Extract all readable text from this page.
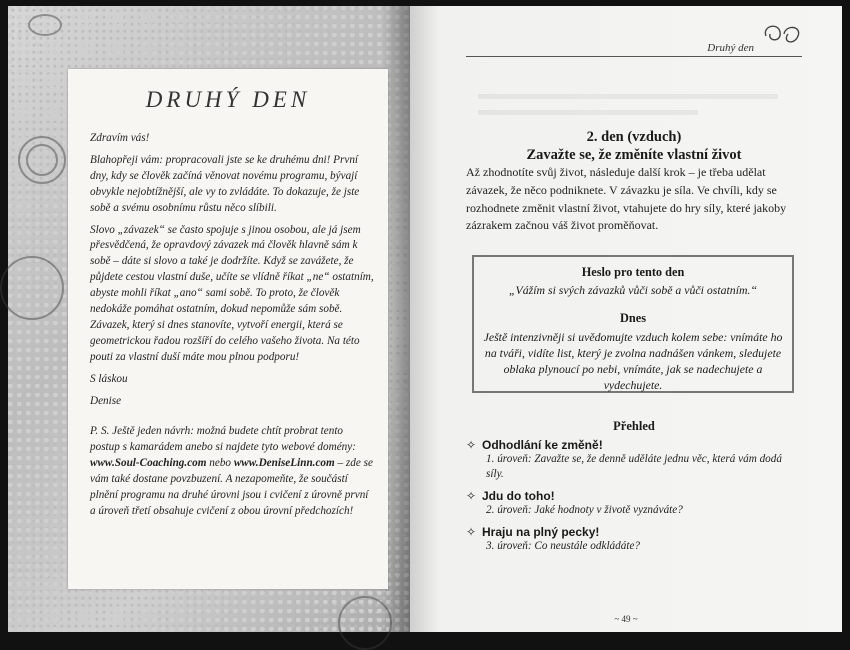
DRUHÝ DEN

Zdravím vás!

Blahopřeji vám: propracovali jste se ke druhému dni! První dny, kdy se člověk začíná věnovat novému programu, bývají obvykle nejobtížnější, ale vy to zvládáte. To dokazuje, že jste sobě a svému osobnímu růstu něco slíbili.

Slovo „závazek“ se často spojuje s jinou osobou, ale já jsem přesvědčená, že opravdový závazek má člověk hlavně sám k sobě – dáte si slovo a také je dodržíte. Když se zavážete, že půjdete cestou vlastní duše, učíte se vlídně říkat „ne“ ostatním, abyste mohli říkat „ano“ sami sobě. To proto, že člověk nedokáže pomáhat ostatním, dokud nepomůže sám sobě. Závazek, který si dnes stanovíte, vytvoří energii, která se geometrickou řadou rozšíří do celého vašeho života. Na této pouti za vlastní duší máte mou plnou podporu!

S láskou

Denise

P. S. Ještě jeden návrh: možná budete chtít probrat tento postup s kamarádem anebo si najdete tyto webové domény: www.Soul-Coaching.com nebo www.DeniseLinn.com – zde se vám také dostane povzbuzení. A nezapomeňte, že součástí plnění programu na druhé úrovni jsou i cvičení z úrovně první a úroveň třetí obsahuje cvičení z obou úrovní předchozích!
Druhý den
2. den (vzduch)
Zavažte se, že změníte vlastní život
Až zhodnotíte svůj život, následuje další krok – je třeba udělat závazek, že něco podniknete. V závazku je síla. Ve chvíli, kdy se rozhodnete změnit vlastní život, vtahujete do hry síly, které jakoby zázrakem začnou váš život proměňovat.
Heslo pro tento den
„Vážím si svých závazků vůči sobě a vůči ostatním.“
Dnes
Ještě intenzivněji si uvědomujte vzduch kolem sebe: vnímáte ho na tváři, vidíte list, který je zvolna nadnášen vánkem, sledujete oblaka plynoucí po nebi, vnímáte, jak se nadechujete a vydechujete.
Přehled
✧ Odhodlání ke změně!
1. úroveň: Zavažte se, že denně uděláte jednu věc, která vám dodá síly.
✧ Jdu do toho!
2. úroveň: Jaké hodnoty v životě vyznáváte?
✧ Hraju na plný pecky!
3. úroveň: Co neustále odkládáte?
~ 49 ~
